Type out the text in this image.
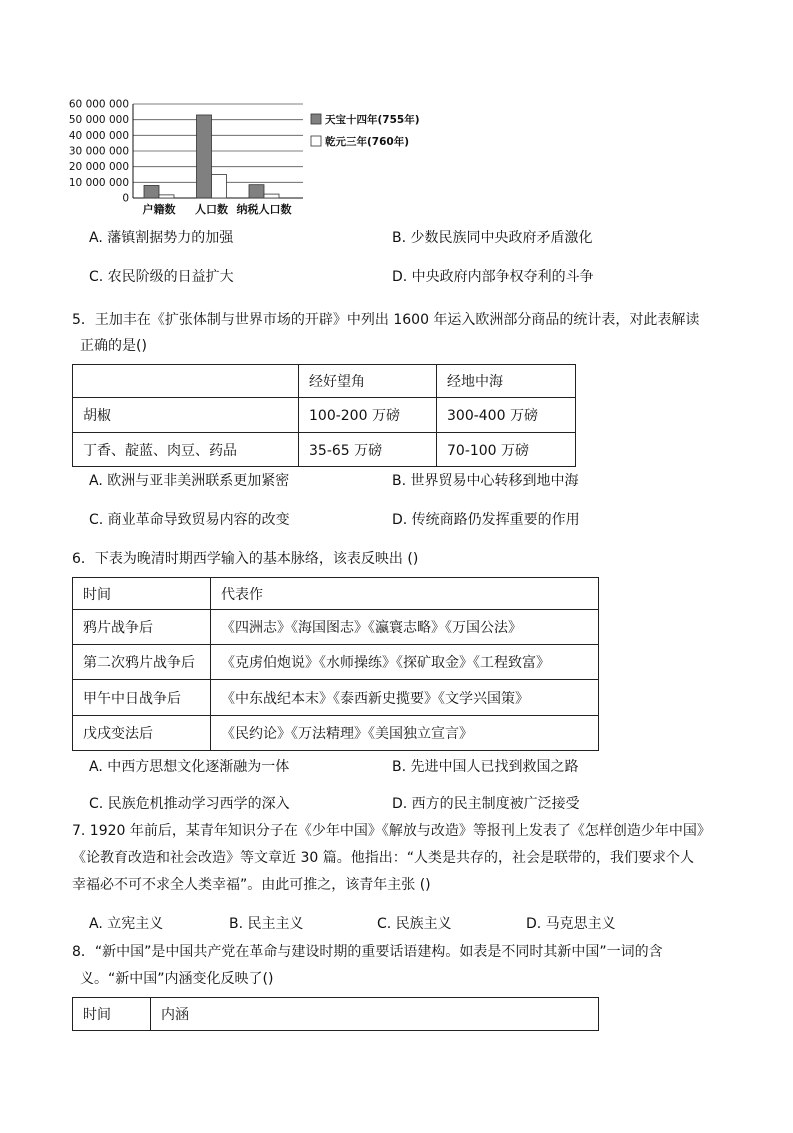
60 000 000
50 000 000
40 000 000
30 000 000
20 000 000
10 000 000
0
户籍数 人口数 纳税人口数
天宝十四年(755年)
乾元三年(760年)
A. 藩镇割据势力的加强	B. 少数民族同中央政府矛盾激化
C. 农民阶级的日益扩大	D. 中央政府内部争权夺利的斗争
5．王加丰在《扩张体制与世界市场的开辟》中列出 1600 年运入欧洲部分商品的统计表，对此表解读
正确的是()
	经好望角	经地中海
胡椒	100-200 万磅	300-400 万磅
丁香、靛蓝、肉豆、药品	35-65 万磅	70-100 万磅
A. 欧洲与亚非美洲联系更加紧密	B. 世界贸易中心转移到地中海
C. 商业革命导致贸易内容的改变	D. 传统商路仍发挥重要的作用
6．下表为晚清时期西学输入的基本脉络，该表反映出 ()
时间	代表作
鸦片战争后	《四洲志》《海国图志》《瀛寰志略》《万国公法》
第二次鸦片战争后	《克虏伯炮说》《水师操练》《探矿取金》《工程致富》
甲午中日战争后	《中东战纪本末》《泰西新史揽要》《文学兴国策》
戊戌变法后	《民约论》《万法精理》《美国独立宣言》
A. 中西方思想文化逐渐融为一体	B. 先进中国人已找到救国之路
C. 民族危机推动学习西学的深入	D. 西方的民主制度被广泛接受
7. 1920 年前后，某青年知识分子在《少年中国》《解放与改造》等报刊上发表了《怎样创造少年中国》
《论教育改造和社会改造》等文章近 30 篇。他指出：“人类是共存的，社会是联带的，我们要求个人
幸福必不可不求全人类幸福”。由此可推之，该青年主张 ()
A. 立宪主义	B. 民主主义	C. 民族主义	D. 马克思主义
8．“新中国”是中国共产党在革命与建设时期的重要话语建构。如表是不同时其新中国”一词的含
义。“新中国”内涵变化反映了()
时间	内涵
